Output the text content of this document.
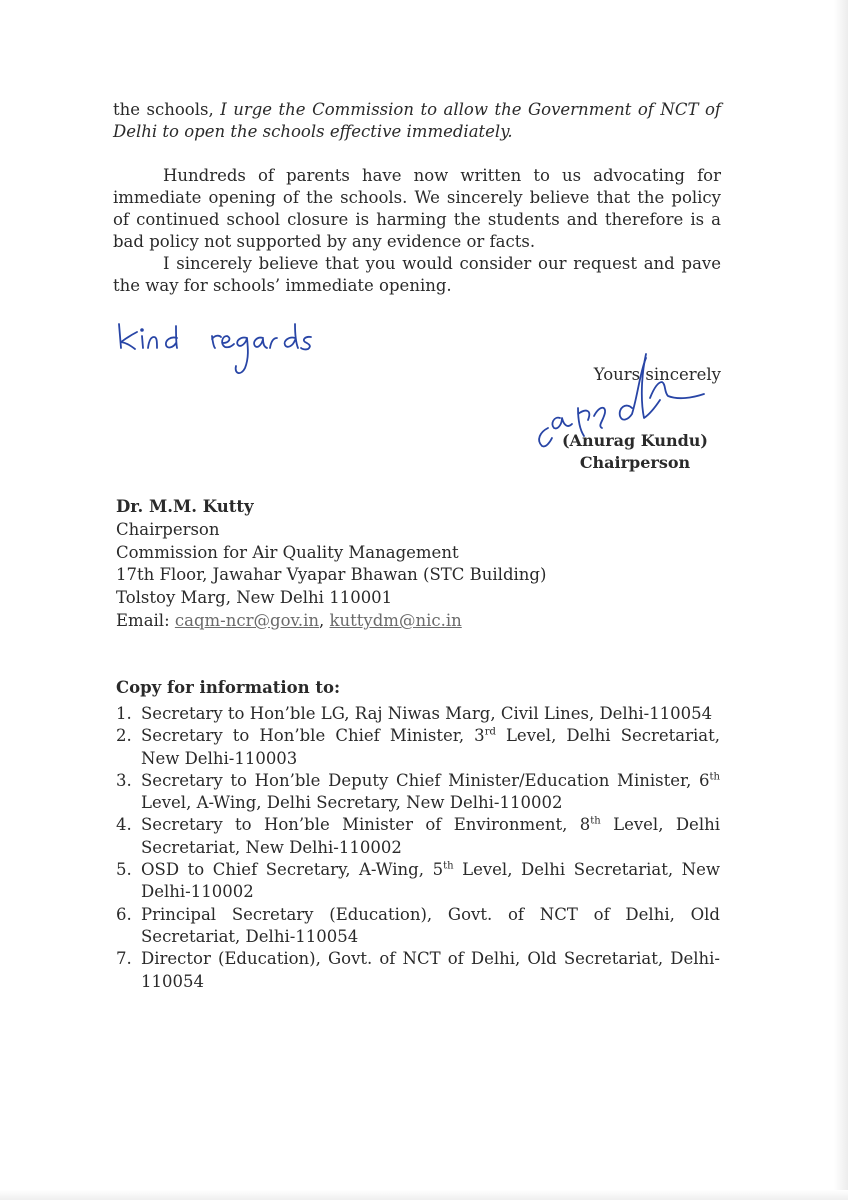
the schools, I urge the Commission to allow the Government of NCT of Delhi to open the schools effective immediately.

Hundreds of parents have now written to us advocating for immediate opening of the schools. We sincerely believe that the policy of continued school closure is harming the students and therefore is a bad policy not supported by any evidence or facts.

I sincerely believe that you would consider our request and pave the way for schools’ immediate opening.

Yours sincerely
(Anurag Kundu)
Chairperson
Dr. M.M. Kutty
Chairperson
Commission for Air Quality Management
17th Floor, Jawahar Vyapar Bhawan (STC Building)
Tolstoy Marg, New Delhi 110001
Email: caqm-ncr@gov.in, kuttydm@nic.in
Copy for information to:
1. Secretary to Hon’ble LG, Raj Niwas Marg, Civil Lines, Delhi-110054
2. Secretary to Hon’ble Chief Minister, 3rd Level, Delhi Secretariat, New Delhi-110003
3. Secretary to Hon’ble Deputy Chief Minister/Education Minister, 6th Level, A-Wing, Delhi Secretary, New Delhi-110002
4. Secretary to Hon’ble Minister of Environment, 8th Level, Delhi Secretariat, New Delhi-110002
5. OSD to Chief Secretary, A-Wing, 5th Level, Delhi Secretariat, New Delhi-110002
6. Principal Secretary (Education), Govt. of NCT of Delhi, Old Secretariat, Delhi-110054
7. Director (Education), Govt. of NCT of Delhi, Old Secretariat, Delhi-110054
